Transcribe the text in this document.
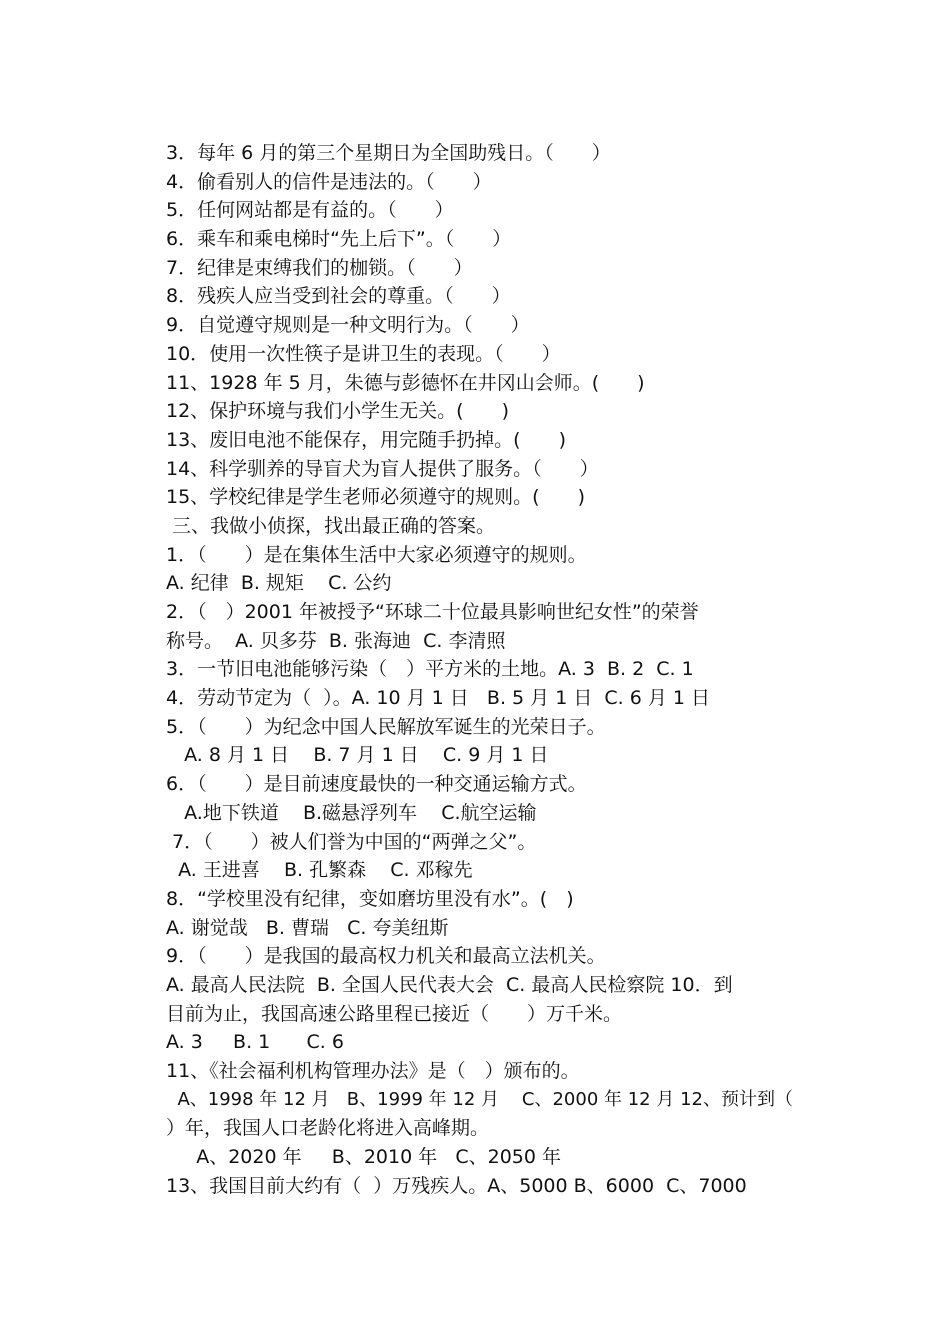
3．每年 6 月的第三个星期日为全国助残日。（　　）
4．偷看别人的信件是违法的。（　　）
5．任何网站都是有益的。（　　）
6．乘车和乘电梯时“先上后下”。（　　）
7．纪律是束缚我们的枷锁。（　　）
8．残疾人应当受到社会的尊重。（　　）
9．自觉遵守规则是一种文明行为。（　　）
10．使用一次性筷子是讲卫生的表现。（　　）
11、1928 年 5 月，朱德与彭德怀在井冈山会师。(　　)
12、保护环境与我们小学生无关。(　　)
13、废旧电池不能保存，用完随手扔掉。(　　)
14、科学驯养的导盲犬为盲人提供了服务。（　　）
15、学校纪律是学生老师必须遵守的规则。(　　)
三、我做小侦探，找出最正确的答案。
1．（　　）是在集体生活中大家必须遵守的规则。
A. 纪律  B. 规矩    C. 公约
2．（　）2001 年被授予“环球二十位最具影响世纪女性”的荣誉
称号。  A. 贝多芬  B. 张海迪  C. 李清照
3．一节旧电池能够污染（　）平方米的土地。A. 3  B. 2  C. 1
4．劳动节定为（  ）。A. 10 月 1 日   B. 5 月 1 日  C. 6 月 1 日
5．（　　）为纪念中国人民解放军诞生的光荣日子。
A. 8 月 1 日    B. 7 月 1 日    C. 9 月 1 日
6．（　　）是目前速度最快的一种交通运输方式。
A.地下铁道    B.磁悬浮列车    C.航空运输
7．（　　）被人们誉为中国的“两弹之父”。
A. 王进喜    B. 孔繁森    C. 邓稼先
8．“学校里没有纪律，变如磨坊里没有水”。(　)
A. 谢觉哉   B. 曹瑞   C. 夸美纽斯
9．（　　）是我国的最高权力机关和最高立法机关。
A. 最高人民法院  B. 全国人民代表大会  C. 最高人民检察院 10．到
目前为止，我国高速公路里程已接近（　　）万千米。
A. 3     B. 1      C. 6
11、《社会福利机构管理办法》是（　）颁布的。
A、1998 年 12 月   B、1999 年 12 月    C、2000 年 12 月 12、预计到（
）年，我国人口老龄化将进入高峰期。
A、2020 年     B、2010 年   C、2050 年
13、我国目前大约有（  ）万残疾人。A、5000 B、6000  C、7000
